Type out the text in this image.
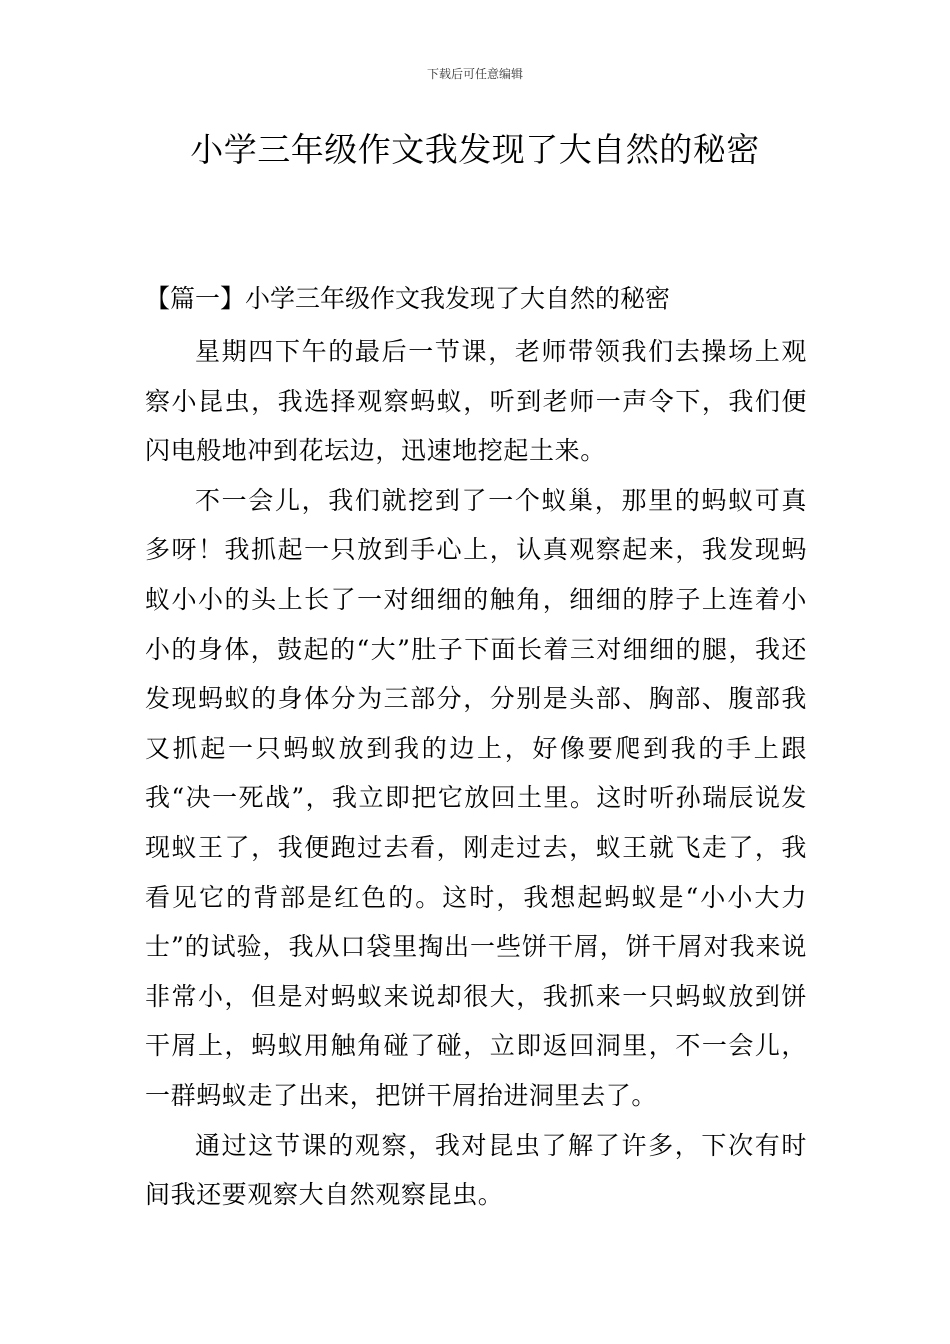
下载后可任意编辑
小学三年级作文我发现了大自然的秘密
【篇一】小学三年级作文我发现了大自然的秘密

星期四下午的最后一节课，老师带领我们去操场上观察小昆虫，我选择观察蚂蚁，听到老师一声令下，我们便闪电般地冲到花坛边，迅速地挖起土来。

不一会儿，我们就挖到了一个蚁巢，那里的蚂蚁可真多呀！我抓起一只放到手心上，认真观察起来，我发现蚂蚁小小的头上长了一对细细的触角，细细的脖子上连着小小的身体，鼓起的“大”肚子下面长着三对细细的腿，我还发现蚂蚁的身体分为三部分，分别是头部、胸部、腹部我又抓起一只蚂蚁放到我的边上，好像要爬到我的手上跟我“决一死战”，我立即把它放回土里。这时听孙瑞辰说发现蚁王了，我便跑过去看，刚走过去，蚁王就飞走了，我看见它的背部是红色的。这时，我想起蚂蚁是“小小大力士”的试验，我从口袋里掏出一些饼干屑，饼干屑对我来说非常小，但是对蚂蚁来说却很大，我抓来一只蚂蚁放到饼干屑上，蚂蚁用触角碰了碰，立即返回洞里，不一会儿，一群蚂蚁走了出来，把饼干屑抬进洞里去了。

通过这节课的观察，我对昆虫了解了许多，下次有时间我还要观察大自然观察昆虫。
